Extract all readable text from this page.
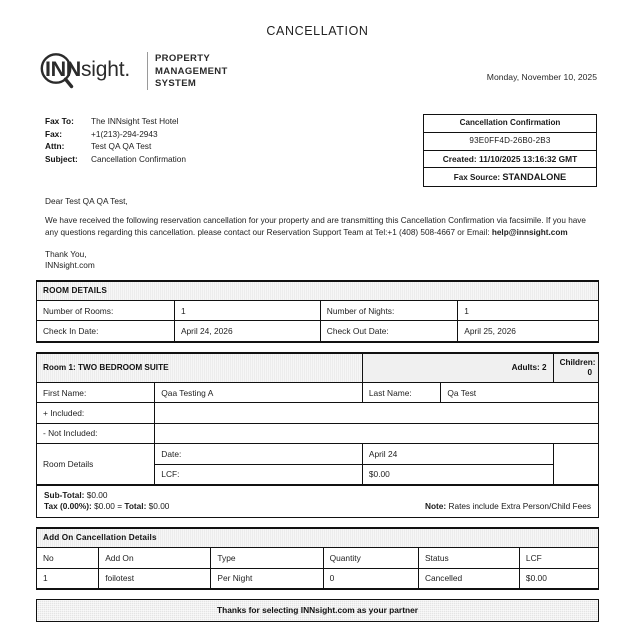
CANCELLATION
INN sight.	PROPERTY
MANAGEMENT
SYSTEM
Monday, November 10, 2025
Fax To:	The INNsight Test Hotel
Fax:	+1(213)-294-2943
Attn:	Test QA QA Test
Subject:	Cancellation Confirmation
Cancellation Confirmation
93E0FF4D-26B0-2B3
Created: 11/10/2025 13:16:32 GMT
Fax Source: STANDALONE
Dear Test QA QA Test,
We have received the following reservation cancellation for your property and are transmitting this Cancellation Confirmation via facsimile. If you have any questions regarding this cancellation. please contact our Reservation Support Team at Tel:+1 (408) 508-4667 or Email: help@innsight.com
Thank You,
INNsight.com
ROOM DETAILS			
Number of Rooms:	1	Number of Nights:	1
Check In Date:	April 24, 2026	Check Out Date:	April 25, 2026
Room 1: TWO BEDROOM SUITE		Adults: 2		Children: 0
First Name:	Qaa Testing A	Last Name:	Qa Test	
+ Included:				
- Not Included:				
Room Details	Date:	April 24		
	LCF:	$0.00		
Sub-Total: $0.00
Tax (0.00%): $0.00 = Total: $0.00	Note: Rates include Extra Person/Child Fees
Add On Cancellation Details					
No	Add On	Type	Quantity	Status	LCF
1	foilotest	Per Night	0	Cancelled	$0.00
Thanks for selecting INNsight.com as your partner
